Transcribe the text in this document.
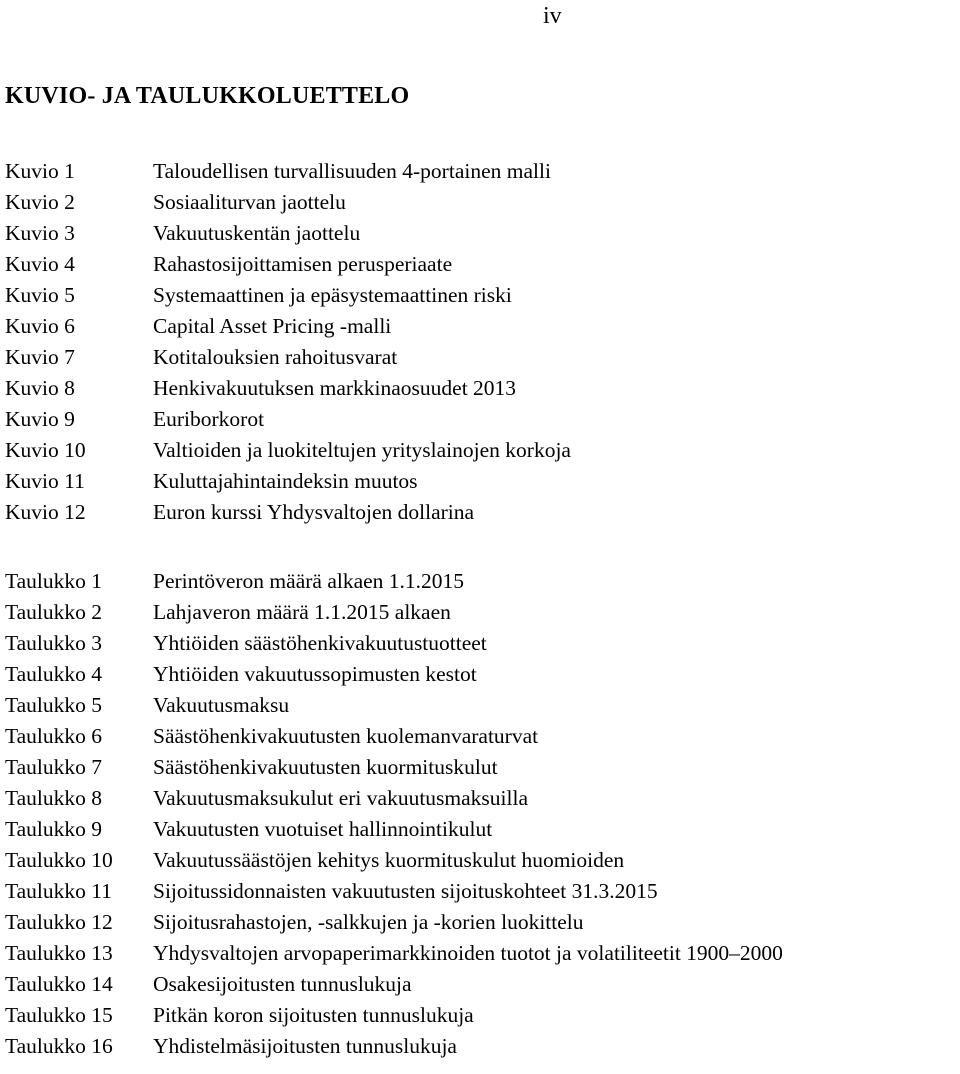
iv
KUVIO- JA TAULUKKOLUETTELO
Kuvio 1	Taloudellisen turvallisuuden 4-portainen malli
Kuvio 2	Sosiaaliturvan jaottelu
Kuvio 3	Vakuutuskentän jaottelu
Kuvio 4	Rahastosijoittamisen perusperiaate
Kuvio 5	Systemaattinen ja epäsystemaattinen riski
Kuvio 6	Capital Asset Pricing -malli
Kuvio 7	Kotitalouksien rahoitusvarat
Kuvio 8	Henkivakuutuksen markkinaosuudet 2013
Kuvio 9	Euriborkorot
Kuvio 10	Valtioiden ja luokiteltujen yrityslainojen korkoja
Kuvio 11	Kuluttajahintaindeksin muutos
Kuvio 12	Euron kurssi Yhdysvaltojen dollarina
Taulukko 1	Perintöveron määrä alkaen 1.1.2015
Taulukko 2	Lahjaveron määrä 1.1.2015 alkaen
Taulukko 3	Yhtiöiden säästöhenkivakuutustuotteet
Taulukko 4	Yhtiöiden vakuutussopimusten kestot
Taulukko 5	Vakuutusmaksu
Taulukko 6	Säästöhenkivakuutusten kuolemanvaraturvat
Taulukko 7	Säästöhenkivakuutusten kuormituskulut
Taulukko 8	Vakuutusmaksukulut eri vakuutusmaksuilla
Taulukko 9	Vakuutusten vuotuiset hallinnointikulut
Taulukko 10	Vakuutussäästöjen kehitys kuormituskulut huomioiden
Taulukko 11	Sijoitussidonnaisten vakuutusten sijoituskohteet 31.3.2015
Taulukko 12	Sijoitusrahastojen, -salkkujen ja -korien luokittelu
Taulukko 13	Yhdysvaltojen arvopaperimarkkinoiden tuotot ja volatiliteetit 1900–2000
Taulukko 14	Osakesijoitusten tunnuslukuja
Taulukko 15	Pitkän koron sijoitusten tunnuslukuja
Taulukko 16	Yhdistelmäsijoitusten tunnuslukuja
